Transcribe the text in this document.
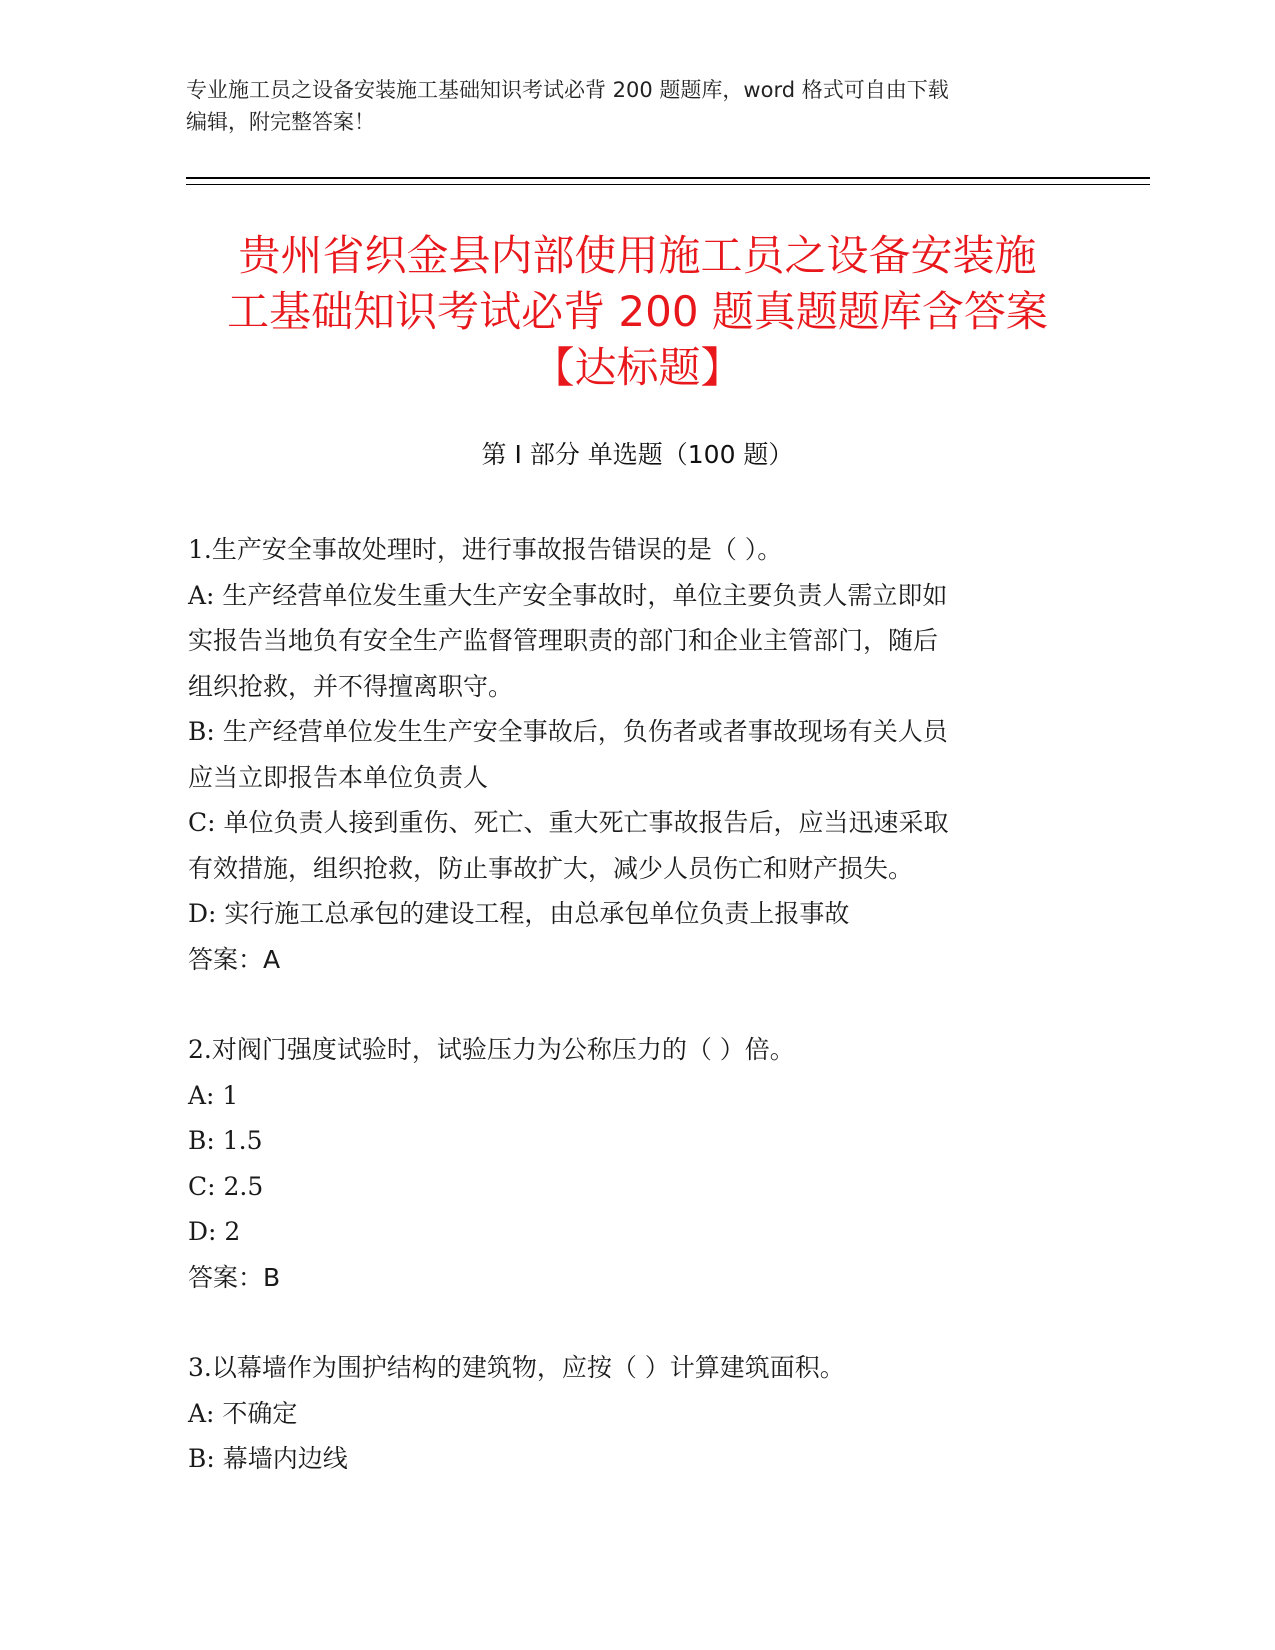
专业施工员之设备安装施工基础知识考试必背 200 题题库，word 格式可自由下载
编辑，附完整答案！
贵州省织金县内部使用施工员之设备安装施
工基础知识考试必背 200 题真题题库含答案
【达标题】
第 I 部分 单选题（100 题）
1.生产安全事故处理时，进行事故报告错误的是（ ）。
A: 生产经营单位发生重大生产安全事故时，单位主要负责人需立即如
实报告当地负有安全生产监督管理职责的部门和企业主管部门，随后
组织抢救，并不得擅离职守。
B: 生产经营单位发生生产安全事故后，负伤者或者事故现场有关人员
应当立即报告本单位负责人
C: 单位负责人接到重伤、死亡、重大死亡事故报告后，应当迅速采取
有效措施，组织抢救，防止事故扩大，减少人员伤亡和财产损失。
D: 实行施工总承包的建设工程，由总承包单位负责上报事故
答案：A
2.对阀门强度试验时，试验压力为公称压力的（ ）倍。
A: 1
B: 1.5
C: 2.5
D: 2
答案：B
3.以幕墙作为围护结构的建筑物，应按（ ）计算建筑面积。
A: 不确定
B: 幕墙内边线
